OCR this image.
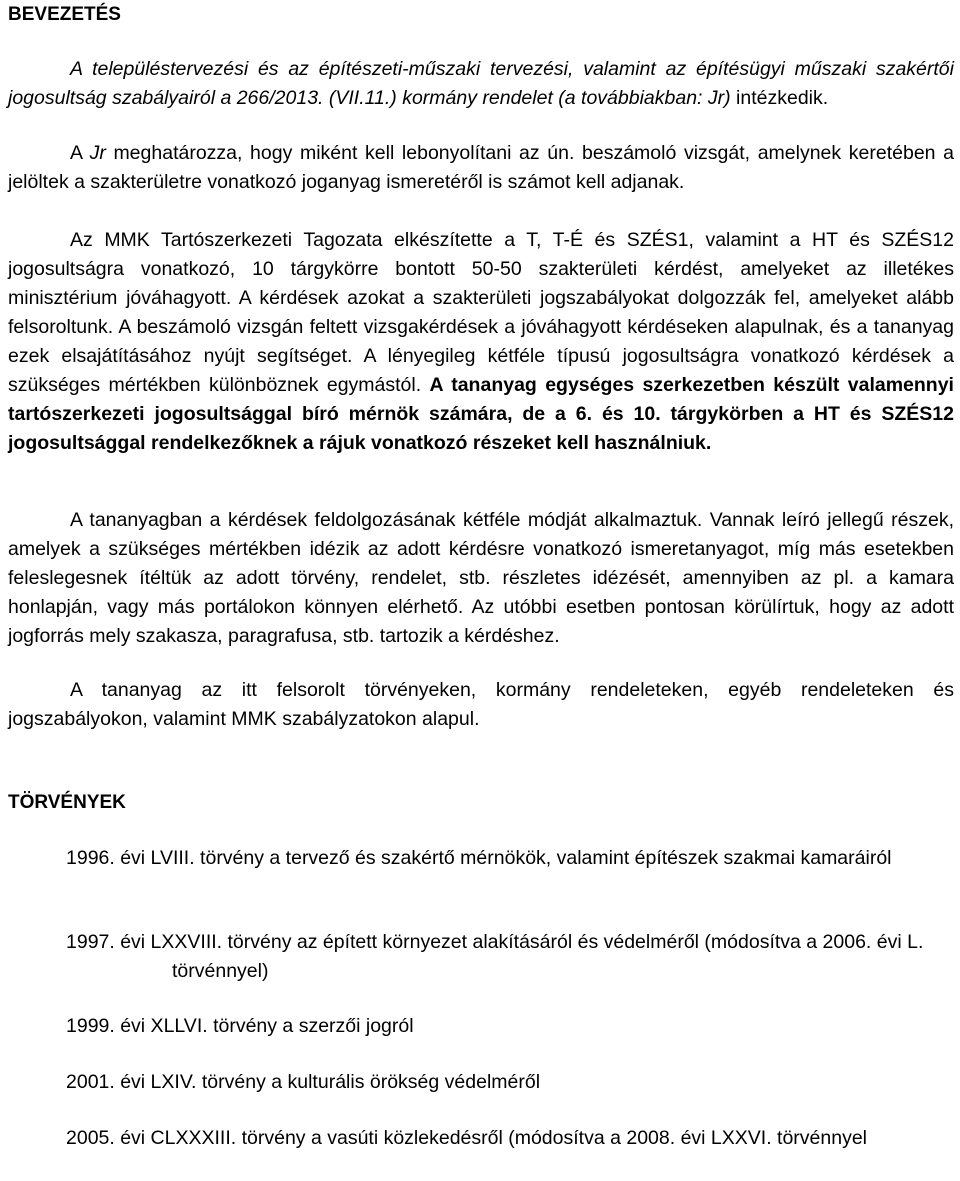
BEVEZETÉS

A településtervezési és az építészeti-műszaki tervezési, valamint az építésügyi műszaki szakértői jogosultság szabályairól a 266/2013. (VII.11.) kormány rendelet (a továbbiakban: Jr) intézkedik.

A Jr meghatározza, hogy miként kell lebonyolítani az ún. beszámoló vizsgát, amelynek keretében a jelöltek a szakterületre vonatkozó joganyag ismeretéről is számot kell adjanak.

Az MMK Tartószerkezeti Tagozata elkészítette a T, T-É és SZÉS1, valamint a HT és SZÉS12 jogosultságra vonatkozó, 10 tárgykörre bontott 50-50 szakterületi kérdést, amelyeket az illetékes minisztérium jóváhagyott. A kérdések azokat a szakterületi jogszabályokat dolgozzák fel, amelyeket alább felsoroltunk. A beszámoló vizsgán feltett vizsgakérdések a jóváhagyott kérdéseken alapulnak, és a tananyag ezek elsajátításához nyújt segítséget. A lényegileg kétféle típusú jogosultságra vonatkozó kérdések a szükséges mértékben különböznek egymástól. A tananyag egységes szerkezetben készült valamennyi tartószerkezeti jogosultsággal bíró mérnök számára, de a 6. és 10. tárgykörben a HT és SZÉS12 jogosultsággal rendelkezőknek a rájuk vonatkozó részeket kell használniuk.

A tananyagban a kérdések feldolgozásának kétféle módját alkalmaztuk. Vannak leíró jellegű részek, amelyek a szükséges mértékben idézik az adott kérdésre vonatkozó ismeretanyagot, míg más esetekben feleslegesnek ítéltük az adott törvény, rendelet, stb. részletes idézését, amennyiben az pl. a kamara honlapján, vagy más portálokon könnyen elérhető. Az utóbbi esetben pontosan körülírtuk, hogy az adott jogforrás mely szakasza, paragrafusa, stb. tartozik a kérdéshez.

A tananyag az itt felsorolt törvényeken, kormány rendeleteken, egyéb rendeleteken és jogszabályokon, valamint MMK szabályzatokon alapul.

TÖRVÉNYEK

1996. évi LVIII. törvény a tervező és szakértő mérnökök, valamint építészek szakmai kamaráiról

1997. évi LXXVIII. törvény az épített környezet alakításáról és védelméről (módosítva a 2006. évi L. törvénnyel)

1999. évi XLLVI. törvény a szerzői jogról

2001. évi LXIV. törvény a kulturális örökség védelméről

2005. évi CLXXXIII. törvény a vasúti közlekedésről (módosítva a 2008. évi LXXVI. törvénnyel
